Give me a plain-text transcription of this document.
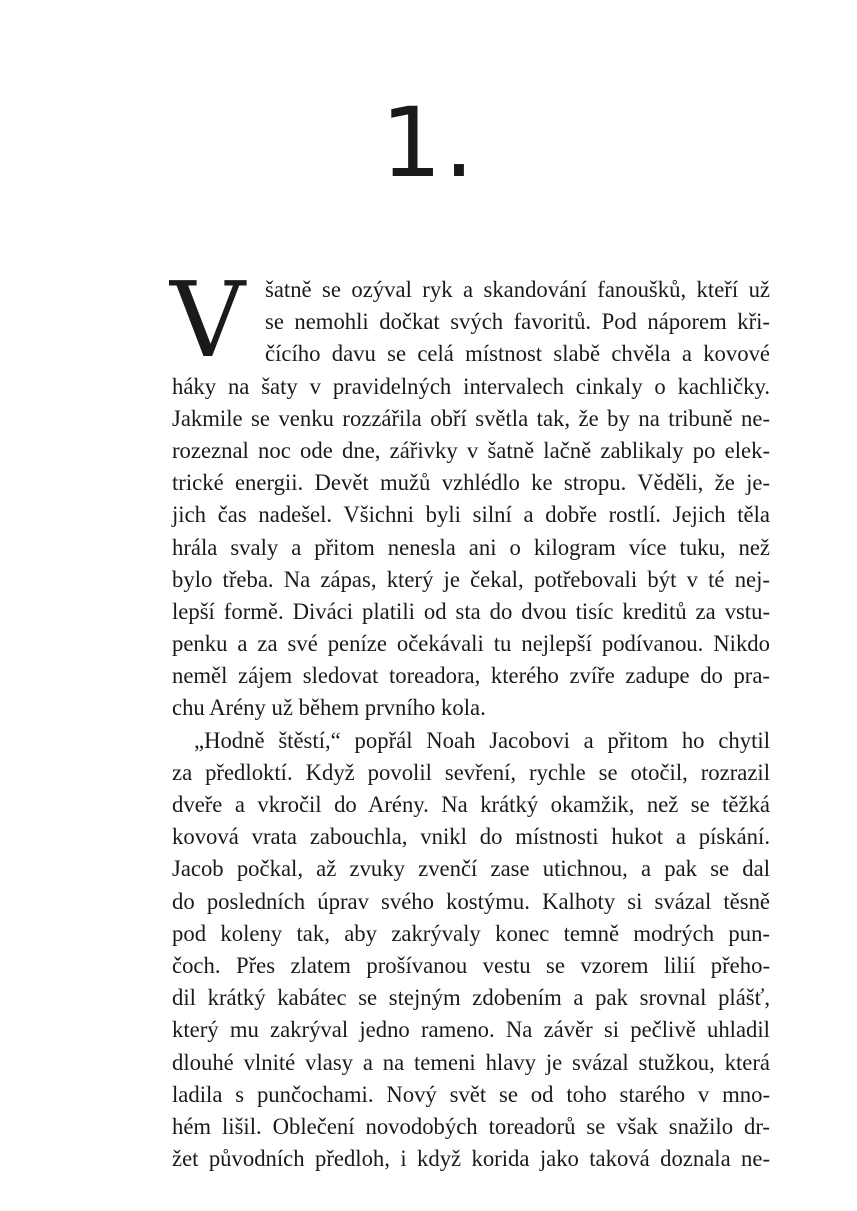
1.
V šatně se ozýval ryk a skandování fanoušků, kteří už
se nemohli dočkat svých favoritů. Pod náporem kři-
čícího davu se celá místnost slabě chvěla a kovové
háky na šaty v pravidelných intervalech cinkaly o kachličky.
Jakmile se venku rozzářila obří světla tak, že by na tribuně ne-
rozeznal noc ode dne, zářivky v šatně lačně zablikaly po elek-
trické energii. Devět mužů vzhlédlo ke stropu. Věděli, že je-
jich čas nadešel. Všichni byli silní a dobře rostlí. Jejich těla
hrála svaly a přitom nenesla ani o kilogram více tuku, než
bylo třeba. Na zápas, který je čekal, potřebovali být v té nej-
lepší formě. Diváci platili od sta do dvou tisíc kreditů za vstu-
penku a za své peníze očekávali tu nejlepší podívanou. Nikdo
neměl zájem sledovat toreadora, kterého zvíře zadupe do pra-
chu Arény už během prvního kola.
„Hodně štěstí,“ popřál Noah Jacobovi a přitom ho chytil
za předloktí. Když povolil sevření, rychle se otočil, rozrazil
dveře a vkročil do Arény. Na krátký okamžik, než se těžká
kovová vrata zabouchla, vnikl do místnosti hukot a pískání.
Jacob počkal, až zvuky zvenčí zase utichnou, a pak se dal
do posledních úprav svého kostýmu. Kalhoty si svázal těsně
pod koleny tak, aby zakrývaly konec temně modrých pun-
čoch. Přes zlatem prošívanou vestu se vzorem lilií přeho-
dil krátký kabátec se stejným zdobením a pak srovnal plášť,
který mu zakrýval jedno rameno. Na závěr si pečlivě uhladil
dlouhé vlnité vlasy a na temeni hlavy je svázal stužkou, která
ladila s punčochami. Nový svět se od toho starého v mno-
hém lišil. Oblečení novodobých toreadorů se však snažilo dr-
žet původních předloh, i když korida jako taková doznala ne-
